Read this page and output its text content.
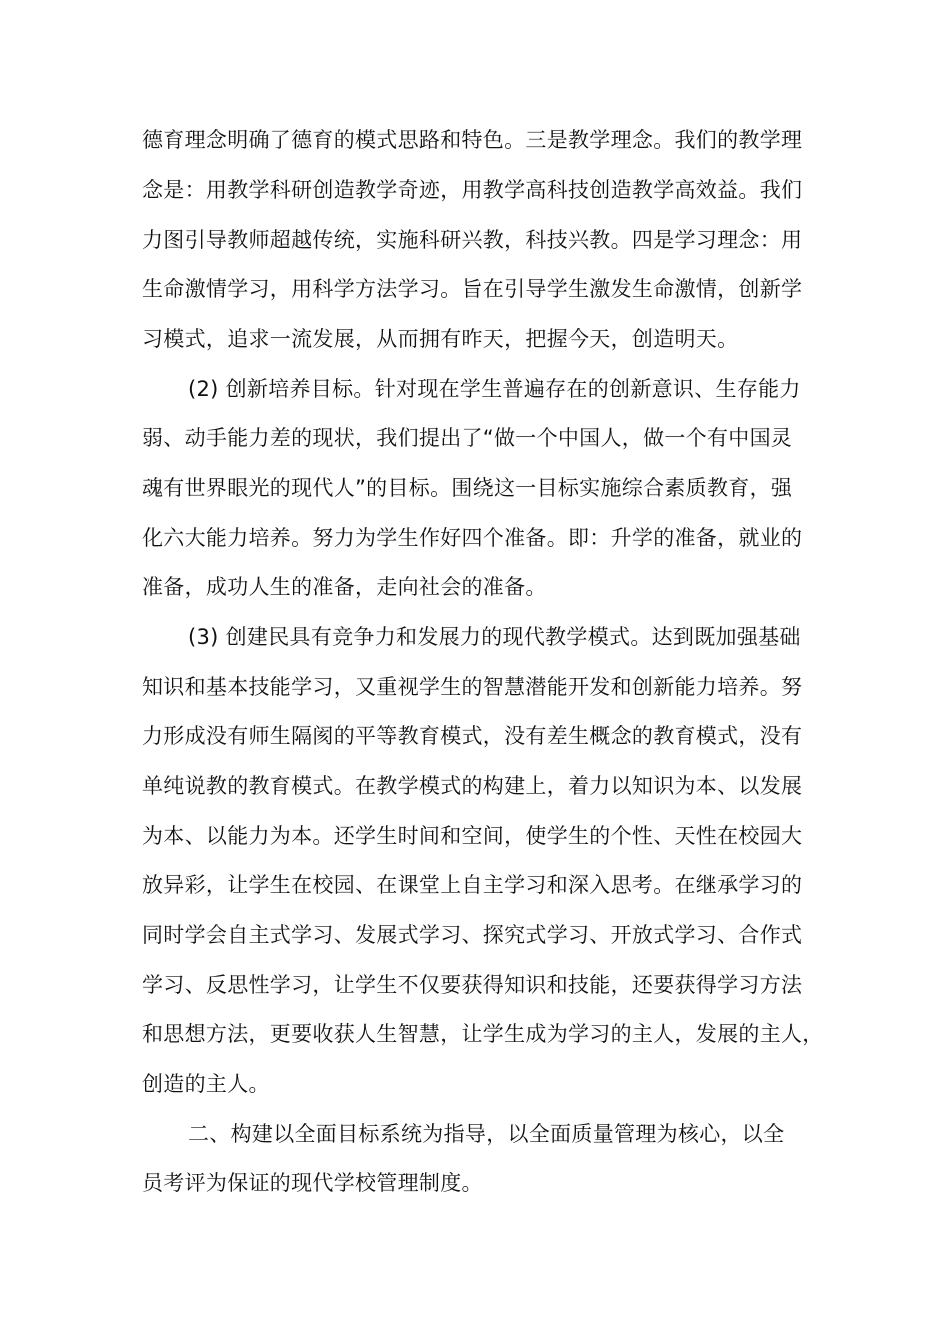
德育理念明确了德育的模式思路和特色。三是教学理念。我们的教学理
念是：用教学科研创造教学奇迹，用教学高科技创造教学高效益。我们
力图引导教师超越传统，实施科研兴教，科技兴教。四是学习理念：用
生命激情学习，用科学方法学习。旨在引导学生激发生命激情，创新学
习模式，追求一流发展，从而拥有昨天，把握今天，创造明天。
(2) 创新培养目标。针对现在学生普遍存在的创新意识、生存能力
弱、动手能力差的现状，我们提出了“做一个中国人，做一个有中国灵
魂有世界眼光的现代人”的目标。围绕这一目标实施综合素质教育，强
化六大能力培养。努力为学生作好四个准备。即：升学的准备，就业的
准备，成功人生的准备，走向社会的准备。
(3) 创建民具有竞争力和发展力的现代教学模式。达到既加强基础
知识和基本技能学习，又重视学生的智慧潜能开发和创新能力培养。努
力形成没有师生隔阂的平等教育模式，没有差生概念的教育模式，没有
单纯说教的教育模式。在教学模式的构建上，着力以知识为本、以发展
为本、以能力为本。还学生时间和空间，使学生的个性、天性在校园大
放异彩，让学生在校园、在课堂上自主学习和深入思考。在继承学习的
同时学会自主式学习、发展式学习、探究式学习、开放式学习、合作式
学习、反思性学习，让学生不仅要获得知识和技能，还要获得学习方法
和思想方法，更要收获人生智慧，让学生成为学习的主人，发展的主人，
创造的主人。
二、构建以全面目标系统为指导，以全面质量管理为核心，以全
员考评为保证的现代学校管理制度。
